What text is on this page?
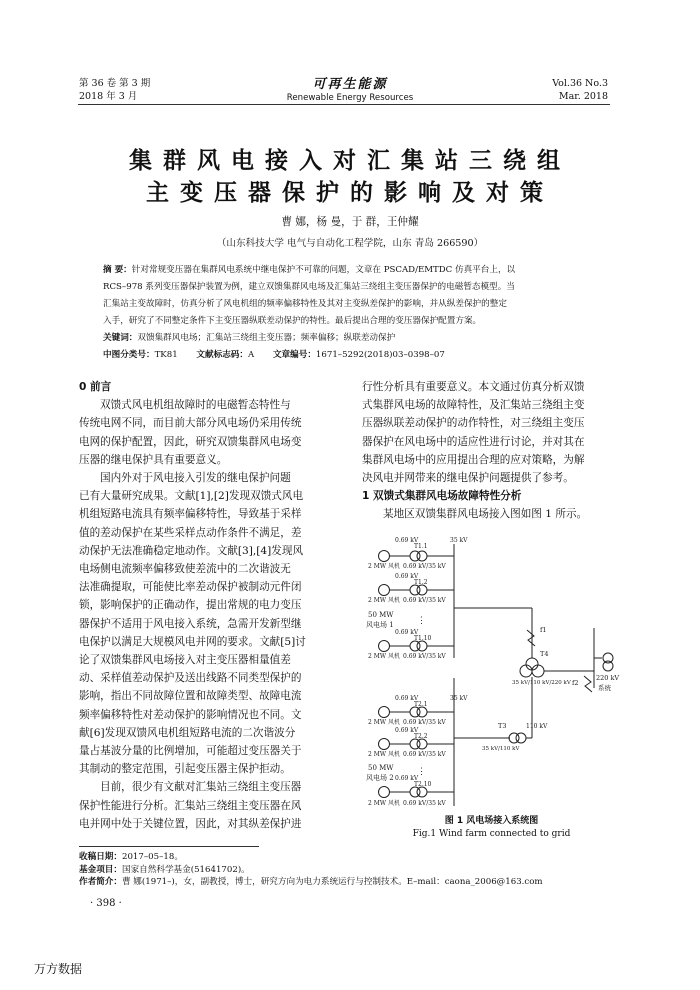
第 36 卷 第 3 期
2018 年 3 月
可再生能源
Renewable Energy Resources
Vol.36 No.3
Mar. 2018
集群风电接入对汇集站三绕组
主变压器保护的影响及对策
曹 娜，杨 曼，于 群，王仲耀
（山东科技大学 电气与自动化工程学院，山东 青岛 266590）

摘 要：针对常规变压器在集群风电系统中继电保护不可靠的问题，文章在 PSCAD/EMTDC 仿真平台上，以

RCS–978 系列变压器保护装置为例，建立双馈集群风电场及汇集站三绕组主变压器保护的电磁暂态模型。当

汇集站主变故障时，仿真分析了风电机组的频率偏移特性及其对主变纵差保护的影响，并从纵差保护的整定

入手，研究了不同整定条件下主变压器纵联差动保护的特性。最后提出合理的变压器保护配置方案。

关键词：双馈集群风电场；汇集站三绕组主变压器；频率偏移；纵联差动保护

中图分类号：TK81 文献标志码：A 文章编号：1671–5292(2018)03–0398–07

0 前言

双馈式风电机组故障时的电磁暂态特性与

传统电网不同，而目前大部分风电场仍采用传统

电网的保护配置，因此，研究双馈集群风电场变

压器的继电保护具有重要意义。

国内外对于风电接入引发的继电保护问题

已有大量研究成果。文献[1],[2]发现双馈式风电

机组短路电流具有频率偏移特性，导致基于采样

值的差动保护在某些采样点动作条件不满足，差

动保护无法准确稳定地动作。文献[3],[4]发现风

电场侧电流频率偏移致使差流中的二次谐波无

法准确提取，可能使比率差动保护被制动元件闭

锁，影响保护的正确动作，提出常规的电力变压

器保护不适用于风电接入系统，急需开发新型继

电保护以满足大规模风电并网的要求。文献[5]讨

论了双馈集群风电场接入对主变压器相量值差

动、采样值差动保护及送出线路不同类型保护的

影响，指出不同故障位置和故障类型、故障电流

频率偏移特性对差动保护的影响情况也不同。文

献[6]发现双馈风电机组短路电流的二次谐波分

量占基波分量的比例增加，可能超过变压器关于

其制动的整定范围，引起变压器主保护拒动。

目前，很少有文献对汇集站三绕组主变压器

保护性能进行分析。汇集站三绕组主变压器在风

电并网中处于关键位置，因此，对其纵差保护进

行性分析具有重要意义。本文通过仿真分析双馈

式集群风电场的故障特性，及汇集站三绕组主变

压器纵联差动保护的动作特性，对三绕组主变压

器保护在风电场中的适应性进行讨论，并对其在

集群风电场中的应用提出合理的应对策略，为解

决风电并网带来的继电保护问题提供了参考。

1 双馈式集群风电场故障特性分析

某地区双馈集群风电场接入图如图 1 所示。

0.69 kV	35 kV
T1.1
2 MW 风机 0.69 kV/35 kV
0.69 kV
T1.2
2 MW 风机 0.69 kV/35 kV
50 MW
风电场 1	⋮
0.69 kV
T1.10
2 MW 风机 0.69 kV/35 kV
f1
T4
35 kV/110 kV/220 kV f2
220 kV
系统
0.69 kV	35 kV
T2.1
2 MW 风机 0.69 kV/35 kV
0.69 kV
T2.2
2 MW 风机 0.69 kV/35 kV
T3	110 kV
35 kV/110 kV
50 MW
风电场 2
⋮
0.69 kV
T2.10
2 MW 风机 0.69 kV/35 kV
图 1 风电场接入系统图
Fig.1 Wind farm connected to grid
收稿日期：2017–05–18。
基金项目：国家自然科学基金(51641702)。
作者简介：曹 娜(1971–)，女，副教授，博士，研究方向为电力系统运行与控制技术。E–mail：caona_2006@163.com
· 398 ·
万方数据
